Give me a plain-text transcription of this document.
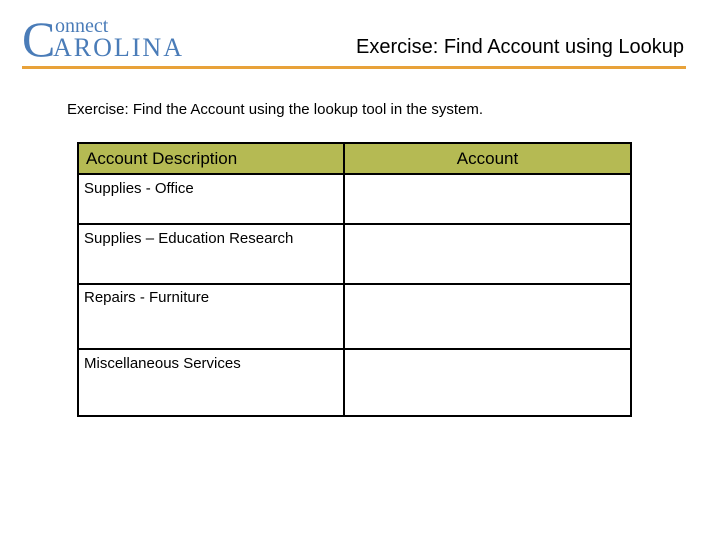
C onnect
AROLINA	Exercise: Find Account using Lookup
Exercise: Find the Account using the lookup tool in the system.
Account Description	Account
Supplies - Office	
Supplies – Education Research	
Repairs - Furniture	
Miscellaneous Services	
